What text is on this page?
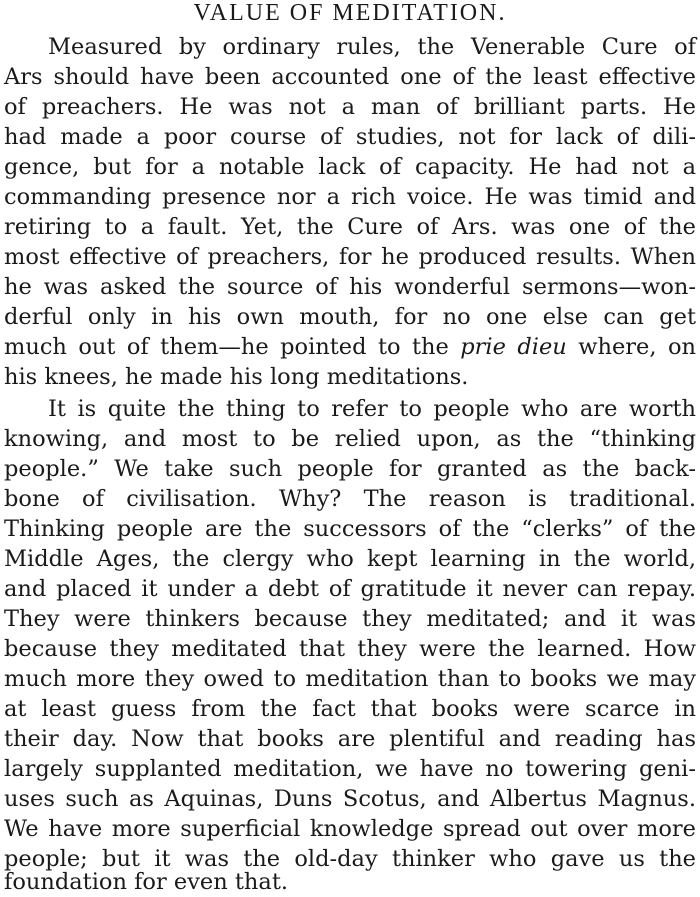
VALUE OF MEDITATION.
Measured by ordinary rules, the Venerable Cure of
Ars should have been accounted one of the least effective
of preachers. He was not a man of brilliant parts. He
had made a poor course of studies, not for lack of dili-
gence, but for a notable lack of capacity. He had not a
commanding presence nor a rich voice. He was timid and
retiring to a fault. Yet, the Cure of Ars. was one of the
most effective of preachers, for he produced results. When
he was asked the source of his wonderful sermons—won-
derful only in his own mouth, for no one else can get
much out of them—he pointed to the prie dieu where, on
his knees, he made his long meditations.
It is quite the thing to refer to people who are worth
knowing, and most to be relied upon, as the “thinking
people.” We take such people for granted as the back-
bone of civilisation. Why? The reason is traditional.
Thinking people are the successors of the “clerks” of the
Middle Ages, the clergy who kept learning in the world,
and placed it under a debt of gratitude it never can repay.
They were thinkers because they meditated; and it was
because they meditated that they were the learned. How
much more they owed to meditation than to books we may
at least guess from the fact that books were scarce in
their day. Now that books are plentiful and reading has
largely supplanted meditation, we have no towering geni-
uses such as Aquinas, Duns Scotus, and Albertus Magnus.
We have more superficial knowledge spread out over more
people; but it was the old-day thinker who gave us the
foundation for even that.
